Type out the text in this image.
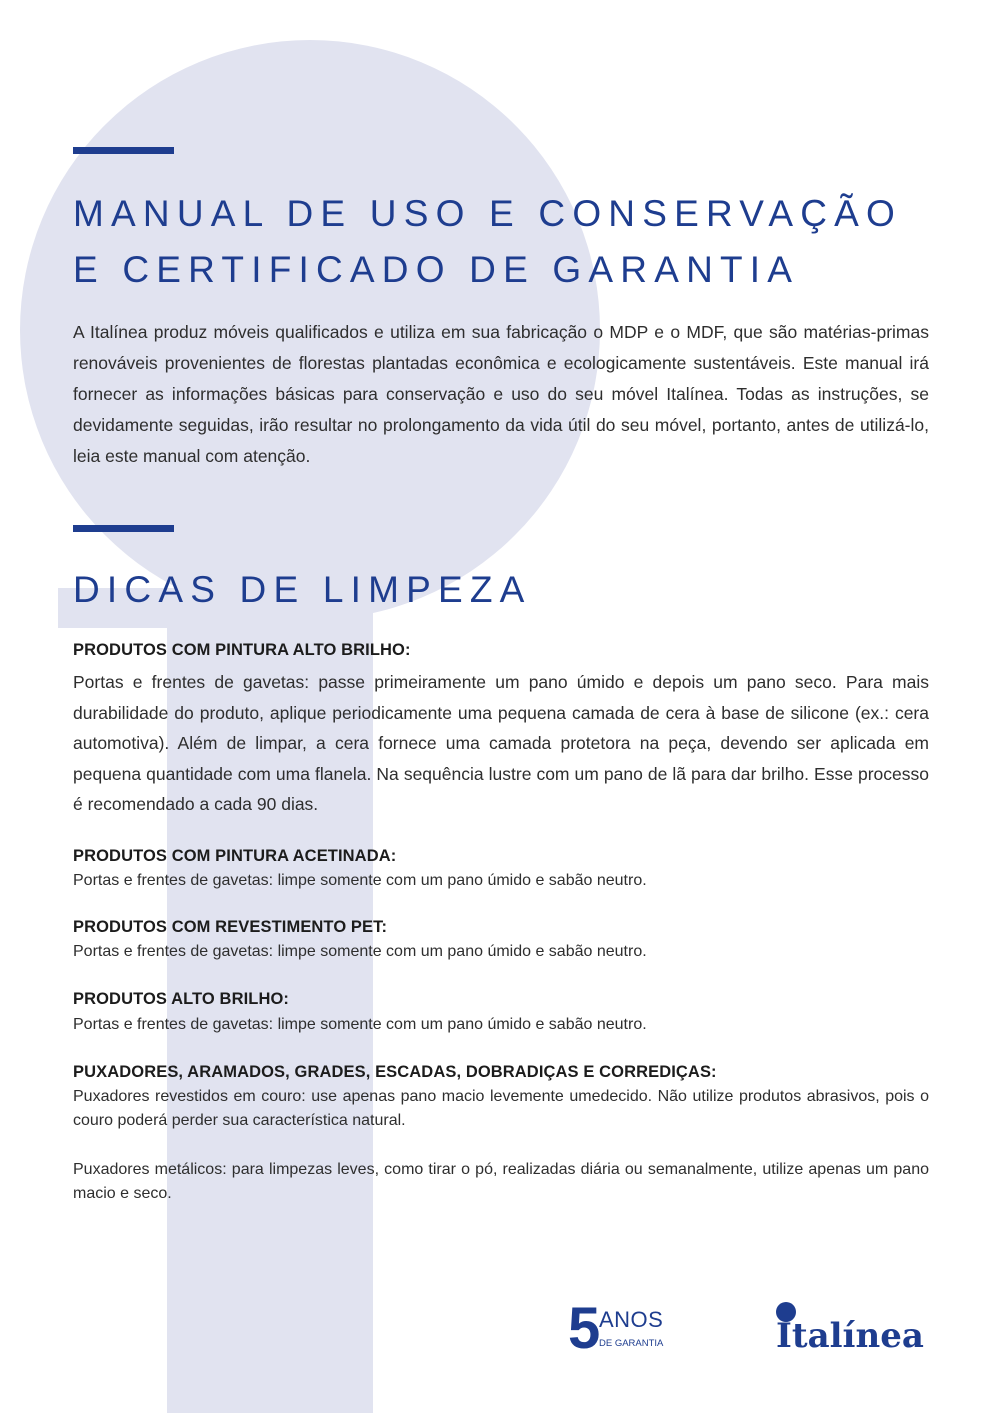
MANUAL DE USO E CONSERVAÇÃO
E CERTIFICADO DE GARANTIA

A Italínea produz móveis qualificados e utiliza em sua fabricação o MDP e o MDF, que são matérias-primas renováveis provenientes de florestas plantadas econômica e ecologicamente sustentáveis. Este manual irá fornecer as informações básicas para conservação e uso do seu móvel Italínea. Todas as instruções, se devidamente seguidas, irão resultar no prolongamento da vida útil do seu móvel, portanto, antes de utilizá-lo, leia este manual com atenção.

DICAS DE LIMPEZA
PRODUTOS COM PINTURA ALTO BRILHO:

Portas e frentes de gavetas: passe primeiramente um pano úmido e depois um pano seco. Para mais durabilidade do produto, aplique periodicamente uma pequena camada de cera à base de silicone (ex.: cera automotiva). Além de limpar, a cera fornece uma camada protetora na peça, devendo ser aplicada em pequena quantidade com uma flanela. Na sequência lustre com um pano de lã para dar brilho. Esse processo é recomendado a cada 90 dias.

PRODUTOS COM PINTURA ACETINADA:

Portas e frentes de gavetas: limpe somente com um pano úmido e sabão neutro.

PRODUTOS COM REVESTIMENTO PET:

Portas e frentes de gavetas: limpe somente com um pano úmido e sabão neutro.

PRODUTOS ALTO BRILHO:

Portas e frentes de gavetas: limpe somente com um pano úmido e sabão neutro.

PUXADORES, ARAMADOS, GRADES, ESCADAS, DOBRADIÇAS E CORREDIÇAS:

Puxadores revestidos em couro: use apenas pano macio levemente umedecido. Não utilize produtos abrasivos, pois o couro poderá perder sua característica natural.

Puxadores metálicos: para limpezas leves, como tirar o pó, realizadas diária ou semanalmente, utilize apenas um pano macio e seco.

5
ANOS
DE GARANTIA	Italínea
